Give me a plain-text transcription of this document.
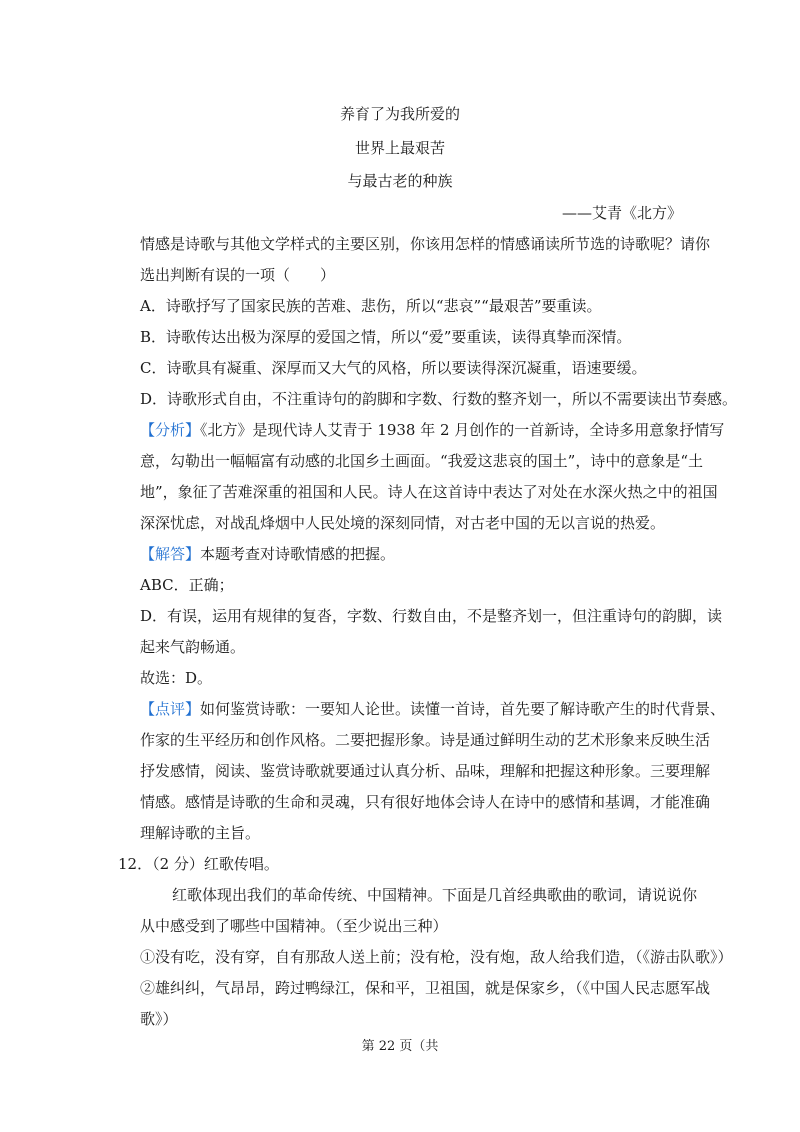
养育了为我所爱的
世界上最艰苦
与最古老的种族
——艾青《北方》
情感是诗歌与其他文学样式的主要区别，你该用怎样的情感诵读所节选的诗歌呢？请你
选出判断有误的一项（　　）
A．诗歌抒写了国家民族的苦难、悲伤，所以“悲哀”“最艰苦”要重读。
B．诗歌传达出极为深厚的爱国之情，所以“爱”要重读，读得真挚而深情。
C．诗歌具有凝重、深厚而又大气的风格，所以要读得深沉凝重，语速要缓。
D．诗歌形式自由，不注重诗句的韵脚和字数、行数的整齐划一，所以不需要读出节奏感。
【分析】《北方》是现代诗人艾青于 1938 年 2 月创作的一首新诗，全诗多用意象抒情写
意，勾勒出一幅幅富有动感的北国乡土画面。“我爱这悲哀的国土”，诗中的意象是“土
地”，象征了苦难深重的祖国和人民。诗人在这首诗中表达了对处在水深火热之中的祖国
深深忧虑，对战乱烽烟中人民处境的深刻同情，对古老中国的无以言说的热爱。
【解答】本题考查对诗歌情感的把握。
ABC．正确；
D．有误，运用有规律的复沓，字数、行数自由，不是整齐划一，但注重诗句的韵脚，读
起来气韵畅通。
故选：D。
【点评】如何鉴赏诗歌：一要知人论世。读懂一首诗，首先要了解诗歌产生的时代背景、
作家的生平经历和创作风格。二要把握形象。诗是通过鲜明生动的艺术形象来反映生活
抒发感情，阅读、鉴赏诗歌就要通过认真分析、品味，理解和把握这种形象。三要理解
情感。感情是诗歌的生命和灵魂，只有很好地体会诗人在诗中的感情和基调，才能准确
理解诗歌的主旨。
12．（2 分）红歌传唱。
红歌体现出我们的革命传统、中国精神。下面是几首经典歌曲的歌词，请说说你
从中感受到了哪些中国精神。（至少说出三种）
①没有吃，没有穿，自有那敌人送上前；没有枪，没有炮，敌人给我们造，（《游击队歌》）
②雄纠纠，气昂昂，跨过鸭绿江，保和平，卫祖国，就是保家乡，（《中国人民志愿军战
歌》）
第 22 页（共
